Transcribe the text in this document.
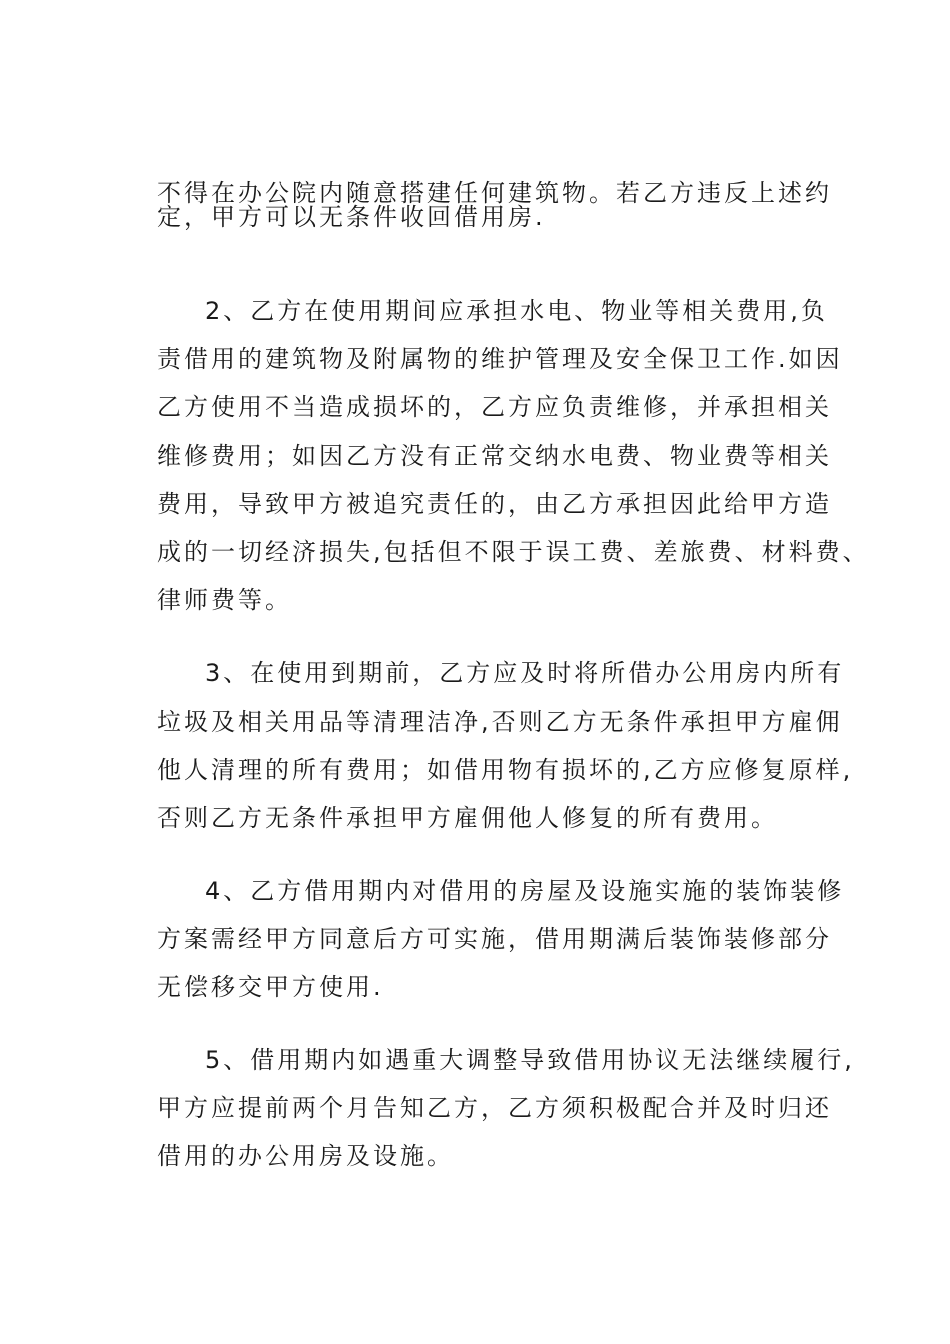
不得在办公院内随意搭建任何建筑物。若乙方违反上述约
定，甲方可以无条件收回借用房.
2、乙方在使用期间应承担水电、物业等相关费用,负
责借用的建筑物及附属物的维护管理及安全保卫工作.如因
乙方使用不当造成损坏的，乙方应负责维修，并承担相关
维修费用；如因乙方没有正常交纳水电费、物业费等相关
费用，导致甲方被追究责任的，由乙方承担因此给甲方造
成的一切经济损失,包括但不限于误工费、差旅费、材料费、
律师费等。
3、在使用到期前，乙方应及时将所借办公用房内所有
垃圾及相关用品等清理洁净,否则乙方无条件承担甲方雇佣
他人清理的所有费用；如借用物有损坏的,乙方应修复原样,
否则乙方无条件承担甲方雇佣他人修复的所有费用。
4、乙方借用期内对借用的房屋及设施实施的装饰装修
方案需经甲方同意后方可实施，借用期满后装饰装修部分
无偿移交甲方使用.
5、借用期内如遇重大调整导致借用协议无法继续履行,
甲方应提前两个月告知乙方，乙方须积极配合并及时归还
借用的办公用房及设施。
